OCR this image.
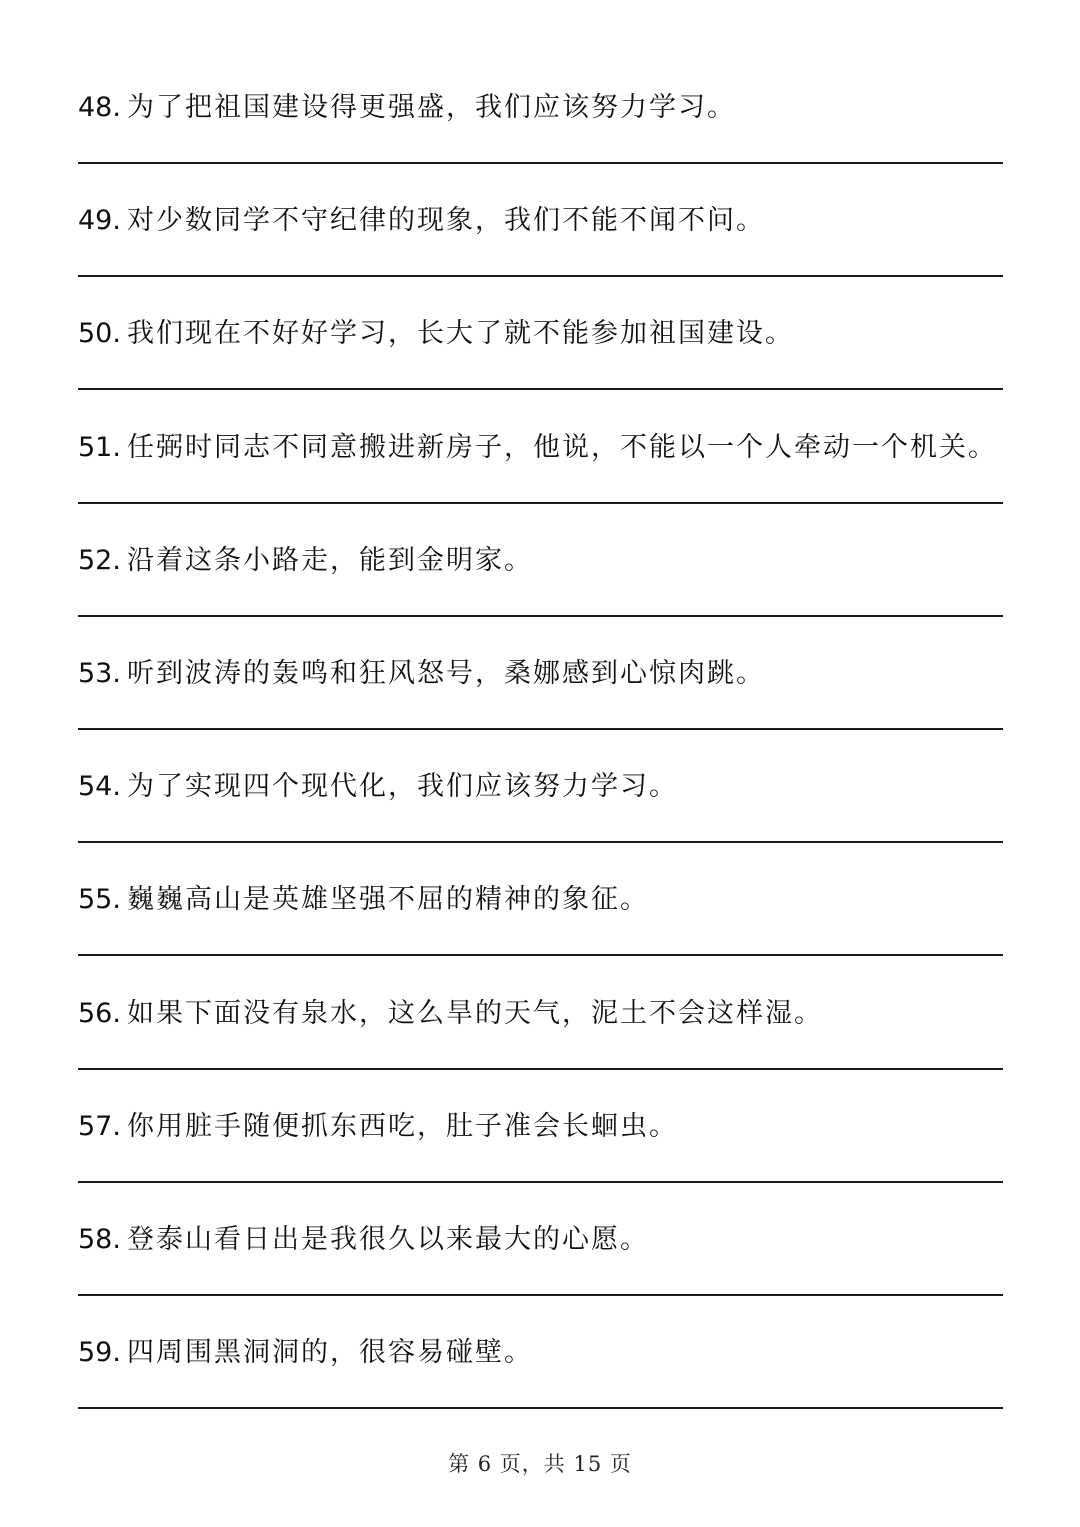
48. 为了把祖国建设得更强盛，我们应该努力学习。
49. 对少数同学不守纪律的现象，我们不能不闻不问。
50. 我们现在不好好学习，长大了就不能参加祖国建设。
51. 任弼时同志不同意搬进新房子，他说，不能以一个人牵动一个机关。
52. 沿着这条小路走，能到金明家。
53. 听到波涛的轰鸣和狂风怒号，桑娜感到心惊肉跳。
54. 为了实现四个现代化，我们应该努力学习。
55. 巍巍高山是英雄坚强不屈的精神的象征。
56. 如果下面没有泉水，这么旱的天气，泥土不会这样湿。
57. 你用脏手随便抓东西吃，肚子准会长蛔虫。
58. 登泰山看日出是我很久以来最大的心愿。
59. 四周围黑洞洞的，很容易碰壁。
第 6 页，共 15 页
